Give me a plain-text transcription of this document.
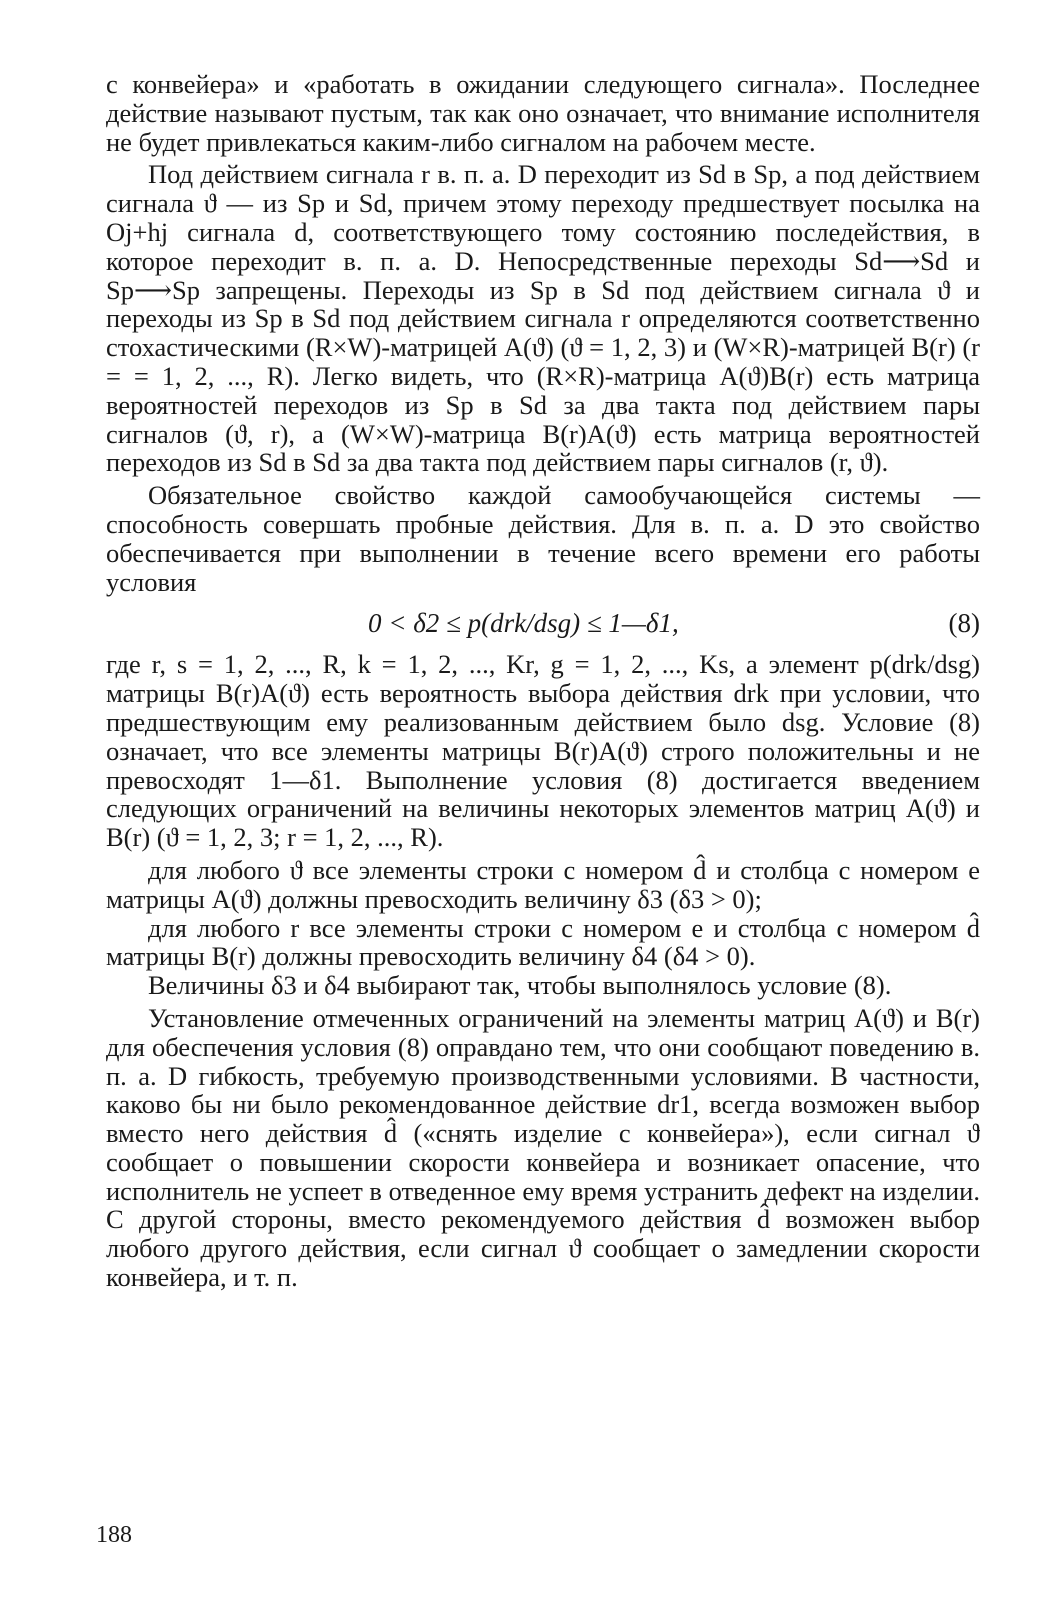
с конвейера» и «работать в ожидании следующего сигнала». Последнее действие называют пустым, так как оно означает, что внимание исполнителя не будет привлекаться каким-либо сигналом на рабочем месте.

Под действием сигнала r в. п. а. D переходит из Sd в Sp, а под действием сигнала ϑ — из Sp и Sd, причем этому переходу предшествует посылка на Oj+hj сигнала d, соответствующего тому состоянию последействия, в которое переходит в. п. а. D. Непосредственные переходы Sd⟶Sd и Sp⟶Sp запрещены. Переходы из Sp в Sd под действием сигнала ϑ и переходы из Sp в Sd под действием сигнала r определяются соответственно стохастическими (R×W)-матрицей A(ϑ) (ϑ = 1, 2, 3) и (W×R)-матрицей B(r) (r = = 1, 2, ..., R). Легко видеть, что (R×R)-матрица A(ϑ)B(r) есть матрица вероятностей переходов из Sp в Sd за два такта под действием пары сигналов (ϑ, r), а (W×W)-матрица B(r)A(ϑ) есть матрица вероятностей переходов из Sd в Sd за два такта под действием пары сигналов (r, ϑ).

Обязательное свойство каждой самообучающейся системы — способность совершать пробные действия. Для в. п. а. D это свойство обеспечивается при выполнении в течение всего времени его работы условия

0 < δ2 ≤ p(drk/dsg) ≤ 1—δ1,	(8)

где r, s = 1, 2, ..., R, k = 1, 2, ..., Kr, g = 1, 2, ..., Ks, а элемент p(drk/dsg) матрицы B(r)A(ϑ) есть вероятность выбора действия drk при условии, что предшествующим ему реализованным действием было dsg. Условие (8) означает, что все элементы матрицы B(r)A(ϑ) строго положительны и не превосходят 1—δ1. Выполнение условия (8) достигается введением следующих ограничений на величины некоторых элементов матриц A(ϑ) и B(r) (ϑ = 1, 2, 3; r = 1, 2, ..., R).

для любого ϑ все элементы строки с номером d̂ и столбца с номером e матрицы A(ϑ) должны превосходить величину δ3 (δ3 > 0);

для любого r все элементы строки с номером e и столбца с номером d̂ матрицы B(r) должны превосходить величину δ4 (δ4 > 0).

Величины δ3 и δ4 выбирают так, чтобы выполнялось условие (8).

Установление отмеченных ограничений на элементы матриц A(ϑ) и B(r) для обеспечения условия (8) оправдано тем, что они сообщают поведению в. п. а. D гибкость, требуемую производственными условиями. В частности, каково бы ни было рекомендованное действие dr1, всегда возможен выбор вместо него действия d̂ («снять изделие с конвейера»), если сигнал ϑ сообщает о повышении скорости конвейера и возникает опасение, что исполнитель не успеет в отведенное ему время устранить дефект на изделии. С другой стороны, вместо рекомендуемого действия d̂ возможен выбор любого другого действия, если сигнал ϑ сообщает о замедлении скорости конвейера, и т. п.

188
